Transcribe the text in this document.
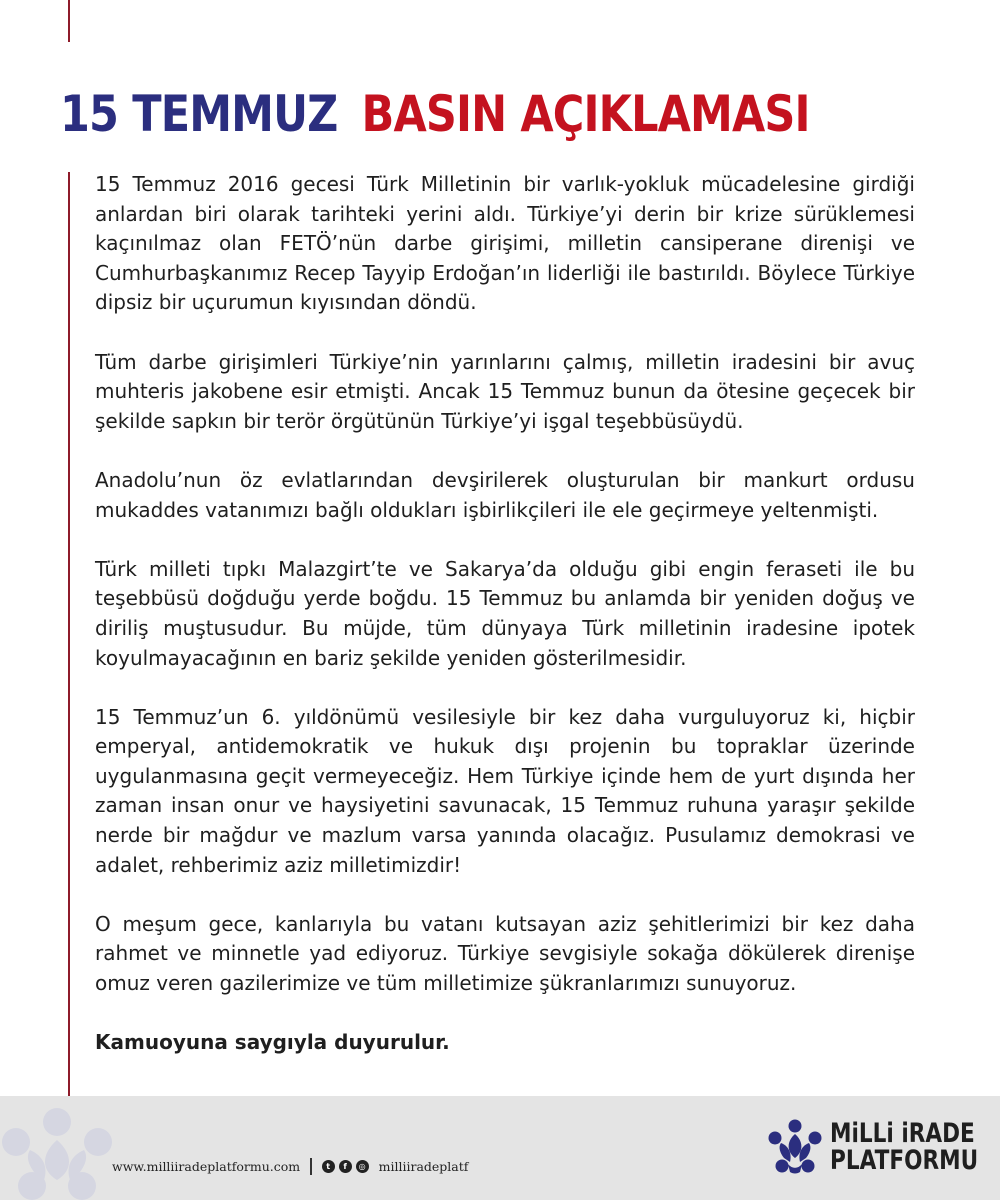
15 TEMMUZ BASIN AÇIKLAMASI

15 Temmuz 2016 gecesi Türk Milletinin bir varlık-yokluk mücadelesine girdiği anlardan biri olarak tarihteki yerini aldı. Türkiye’yi derin bir krize sürüklemesi kaçınılmaz olan FETÖ’nün darbe girişimi, milletin cansiperane direnişi ve Cumhurbaşkanımız Recep Tayyip Erdoğan’ın liderliği ile bastırıldı. Böylece Türkiye dipsiz bir uçurumun kıyısından döndü.

Tüm darbe girişimleri Türkiye’nin yarınlarını çalmış, milletin iradesini bir avuç muhteris jakobene esir etmişti. Ancak 15 Temmuz bunun da ötesine geçecek bir şekilde sapkın bir terör örgütünün Türkiye’yi işgal teşebbüsüydü.

Anadolu’nun öz evlatlarından devşirilerek oluşturulan bir mankurt ordusu mukaddes vatanımızı bağlı oldukları işbirlikçileri ile ele geçirmeye yeltenmişti.

Türk milleti tıpkı Malazgirt’te ve Sakarya’da olduğu gibi engin feraseti ile bu teşebbüsü doğduğu yerde boğdu. 15 Temmuz bu anlamda bir yeniden doğuş ve diriliş muştusudur. Bu müjde, tüm dünyaya Türk milletinin iradesine ipotek koyulmayacağının en bariz şekilde yeniden gösterilmesidir.

15 Temmuz’un 6. yıldönümü vesilesiyle bir kez daha vurguluyoruz ki, hiçbir emperyal, antidemokratik ve hukuk dışı projenin bu topraklar üzerinde uygulanmasına geçit vermeyeceğiz. Hem Türkiye içinde hem de yurt dışında her zaman insan onur ve haysiyetini savunacak, 15 Temmuz ruhuna yaraşır şekilde nerde bir mağdur ve mazlum varsa yanında olacağız. Pusulamız demokrasi ve adalet, rehberimiz aziz milletimizdir!

O meşum gece, kanlarıyla bu vatanı kutsayan aziz şehitlerimizi bir kez daha rahmet ve minnetle yad ediyoruz. Türkiye sevgisiyle sokağa dökülerek direnişe omuz veren gazilerimize ve tüm milletimize şükranlarımızı sunuyoruz.

Kamuoyuna saygıyla duyurulur.

www.milliiradeplatformu.com	t	f	◎ milliiradeplatf
MiLLi iRADE
PLATFORMU
